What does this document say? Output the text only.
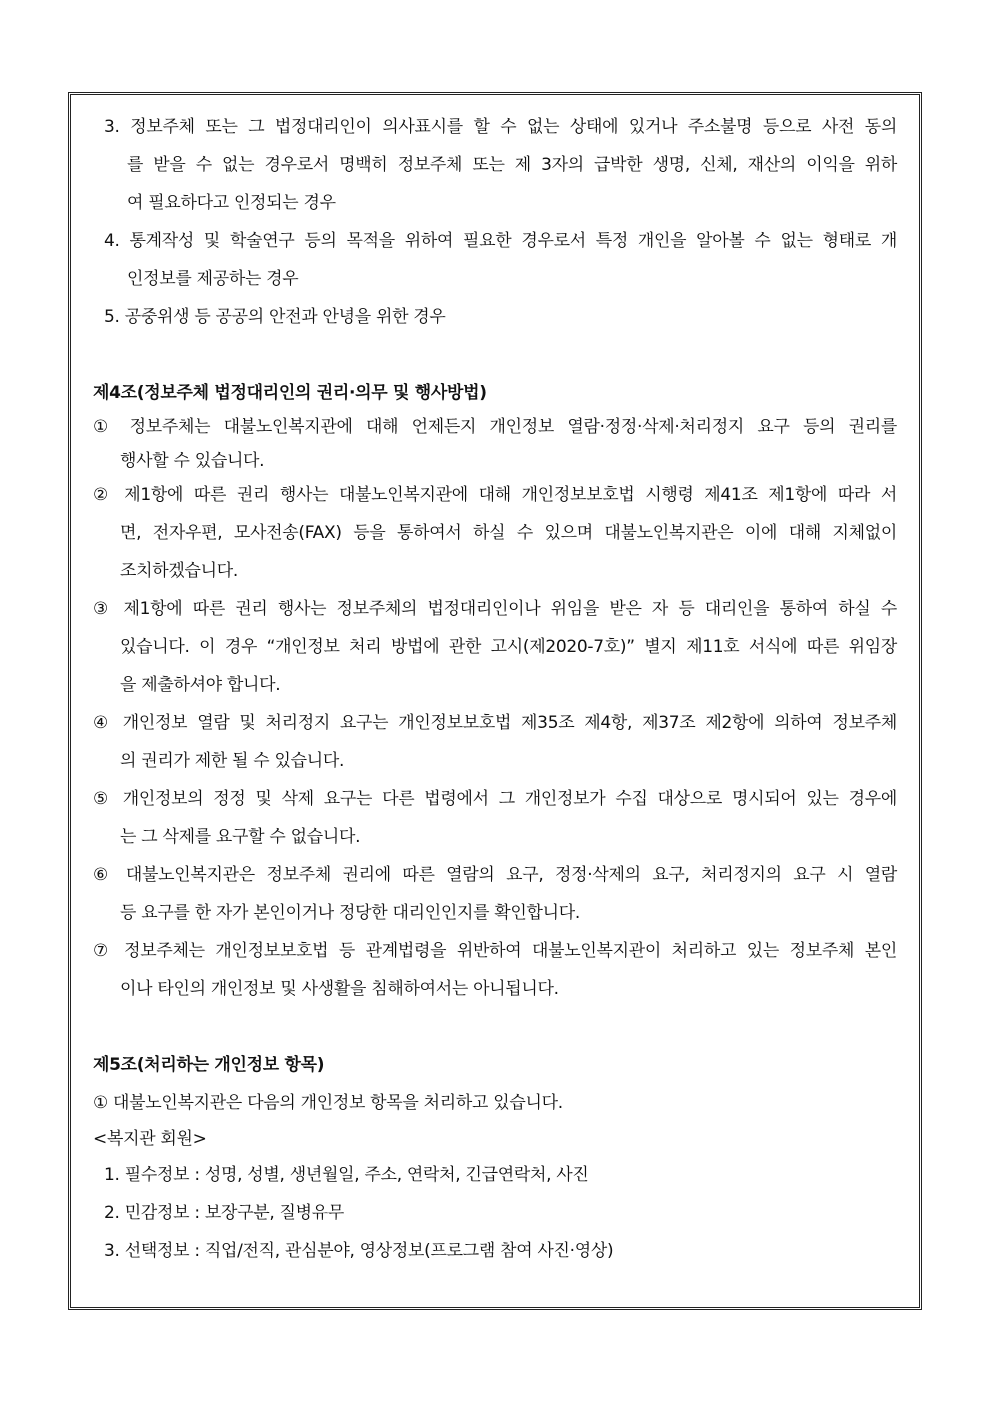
3. 정보주체 또는 그 법정대리인이 의사표시를 할 수 없는 상태에 있거나 주소불명 등으로 사전 동의
를 받을 수 없는 경우로서 명백히 정보주체 또는 제 3자의 급박한 생명, 신체, 재산의 이익을 위하
여 필요하다고 인정되는 경우
4. 통계작성 및 학술연구 등의 목적을 위하여 필요한 경우로서 특정 개인을 알아볼 수 없는 형태로 개
인정보를 제공하는 경우
5. 공중위생 등 공공의 안전과 안녕을 위한 경우
제4조(정보주체 법정대리인의 권리·의무 및 행사방법)
① 정보주체는 대불노인복지관에 대해 언제든지 개인정보 열람·정정·삭제·처리정지 요구 등의 권리를
행사할 수 있습니다.
② 제1항에 따른 권리 행사는 대불노인복지관에 대해 개인정보보호법 시행령 제41조 제1항에 따라 서
면, 전자우편, 모사전송(FAX) 등을 통하여서 하실 수 있으며 대불노인복지관은 이에 대해 지체없이
조치하겠습니다.
③ 제1항에 따른 권리 행사는 정보주체의 법정대리인이나 위임을 받은 자 등 대리인을 통하여 하실 수
있습니다. 이 경우 “개인정보 처리 방법에 관한 고시(제2020-7호)” 별지 제11호 서식에 따른 위임장
을 제출하셔야 합니다.
④ 개인정보 열람 및 처리정지 요구는 개인정보보호법 제35조 제4항, 제37조 제2항에 의하여 정보주체
의 권리가 제한 될 수 있습니다.
⑤ 개인정보의 정정 및 삭제 요구는 다른 법령에서 그 개인정보가 수집 대상으로 명시되어 있는 경우에
는 그 삭제를 요구할 수 없습니다.
⑥ 대불노인복지관은 정보주체 권리에 따른 열람의 요구, 정정·삭제의 요구, 처리정지의 요구 시 열람
등 요구를 한 자가 본인이거나 정당한 대리인인지를 확인합니다.
⑦ 정보주체는 개인정보보호법 등 관계법령을 위반하여 대불노인복지관이 처리하고 있는 정보주체 본인
이나 타인의 개인정보 및 사생활을 침해하여서는 아니됩니다.
제5조(처리하는 개인정보 항목)
① 대불노인복지관은 다음의 개인정보 항목을 처리하고 있습니다.
<복지관 회원>
1. 필수정보 : 성명, 성별, 생년월일, 주소, 연락처, 긴급연락처, 사진
2. 민감정보 : 보장구분, 질병유무
3. 선택정보 : 직업/전직, 관심분야, 영상정보(프로그램 참여 사진·영상)
